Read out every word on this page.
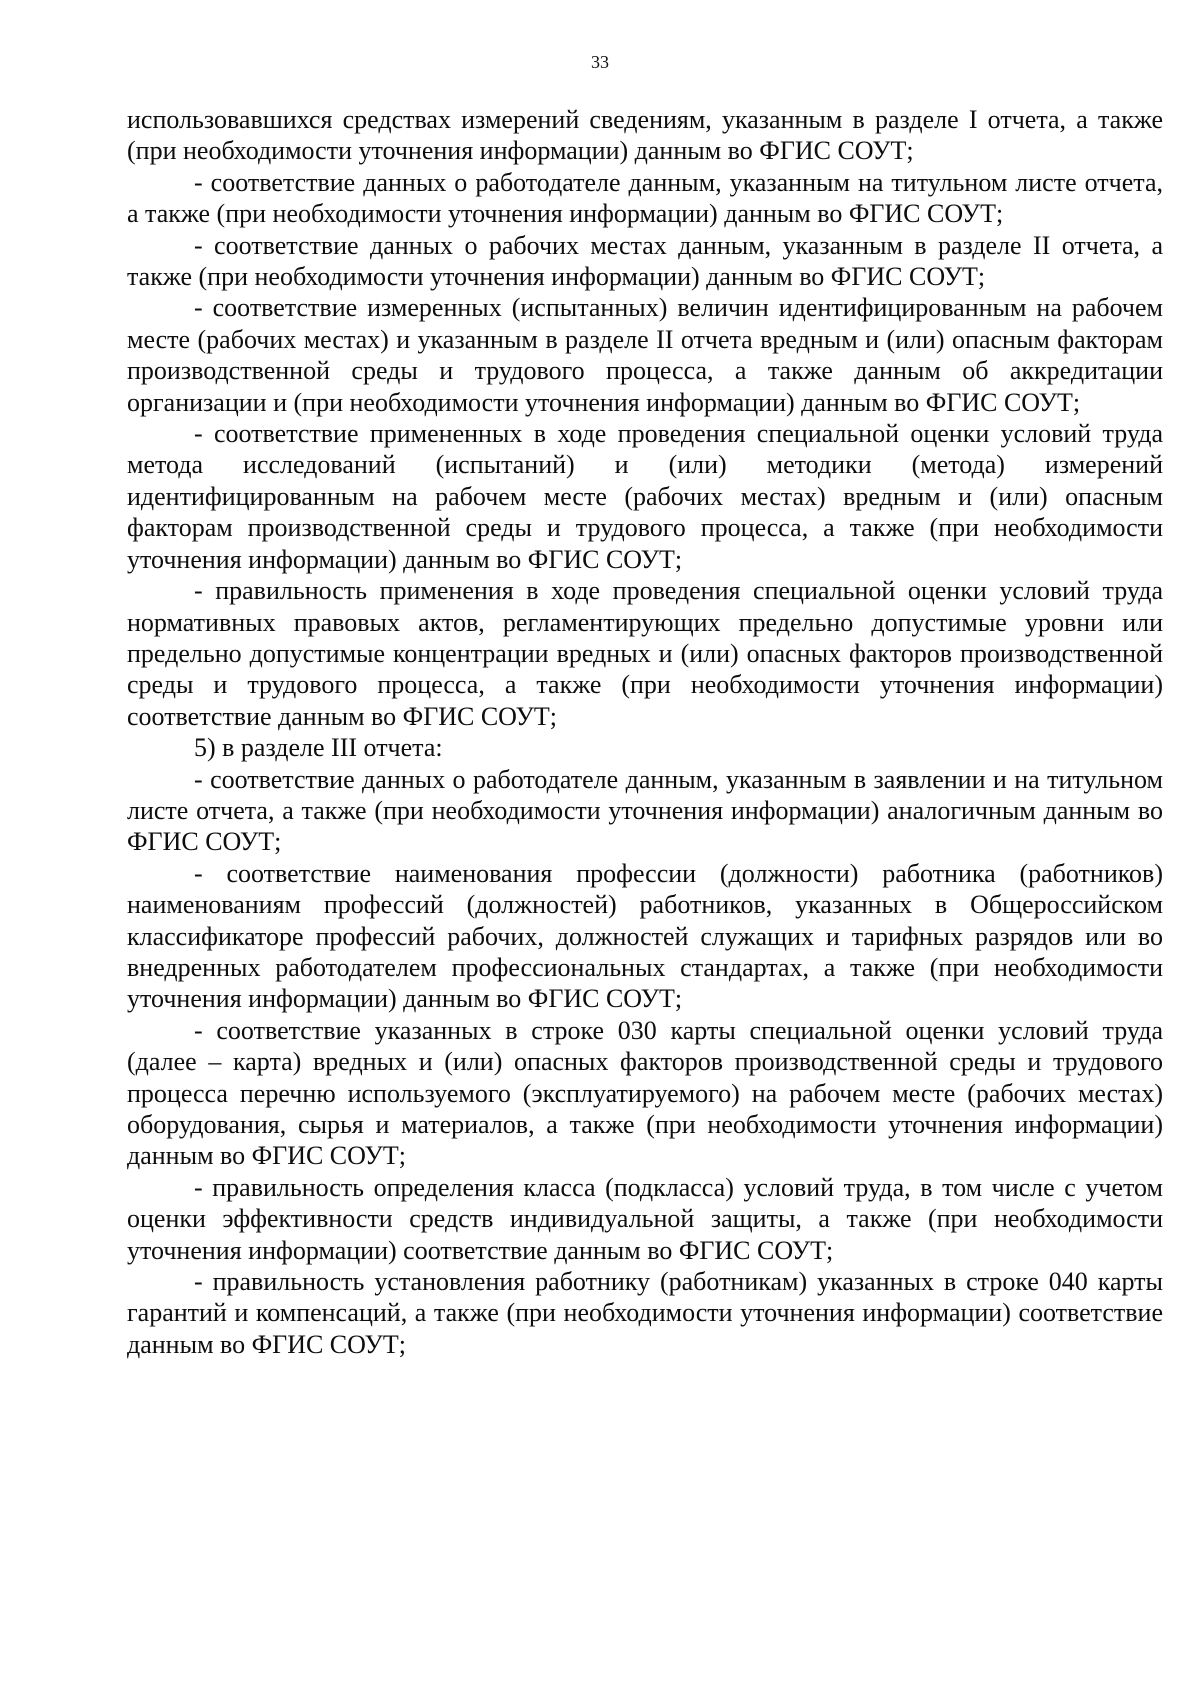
33

использовавшихся средствах измерений сведениям, указанным в разделе I отчета, а также (при необходимости уточнения информации) данным во ФГИС СОУТ;

- соответствие данных о работодателе данным, указанным на титульном листе отчета, а также (при необходимости уточнения информации) данным во ФГИС СОУТ;

- соответствие данных о рабочих местах данным, указанным в разделе II отчета, а также (при необходимости уточнения информации) данным во ФГИС СОУТ;

- соответствие измеренных (испытанных) величин идентифицированным на рабочем месте (рабочих местах) и указанным в разделе II отчета вредным и (или) опасным факторам производственной среды и трудового процесса, а также данным об аккредитации организации и (при необходимости уточнения информации) данным во ФГИС СОУТ;

- соответствие примененных в ходе проведения специальной оценки условий труда метода исследований (испытаний) и (или) методики (метода) измерений идентифицированным на рабочем месте (рабочих местах) вредным и (или) опасным факторам производственной среды и трудового процесса, а также (при необходимости уточнения информации) данным во ФГИС СОУТ;

- правильность применения в ходе проведения специальной оценки условий труда нормативных правовых актов, регламентирующих предельно допустимые уровни или предельно допустимые концентрации вредных и (или) опасных факторов производственной среды и трудового процесса, а также (при необходимости уточнения информации) соответствие данным во ФГИС СОУТ;

5) в разделе III отчета:

- соответствие данных о работодателе данным, указанным в заявлении и на титульном листе отчета, а также (при необходимости уточнения информации) аналогичным данным во ФГИС СОУТ;

- соответствие наименования профессии (должности) работника (работников) наименованиям профессий (должностей) работников, указанных в Общероссийском классификаторе профессий рабочих, должностей служащих и тарифных разрядов или во внедренных работодателем профессиональных стандартах, а также (при необходимости уточнения информации) данным во ФГИС СОУТ;

- соответствие указанных в строке 030 карты специальной оценки условий труда (далее – карта) вредных и (или) опасных факторов производственной среды и трудового процесса перечню используемого (эксплуатируемого) на рабочем месте (рабочих местах) оборудования, сырья и материалов, а также (при необходимости уточнения информации) данным во ФГИС СОУТ;

- правильность определения класса (подкласса) условий труда, в том числе с учетом оценки эффективности средств индивидуальной защиты, а также (при необходимости уточнения информации) соответствие данным во ФГИС СОУТ;

- правильность установления работнику (работникам) указанных в строке 040 карты гарантий и компенсаций, а также (при необходимости уточнения информации) соответствие данным во ФГИС СОУТ;
